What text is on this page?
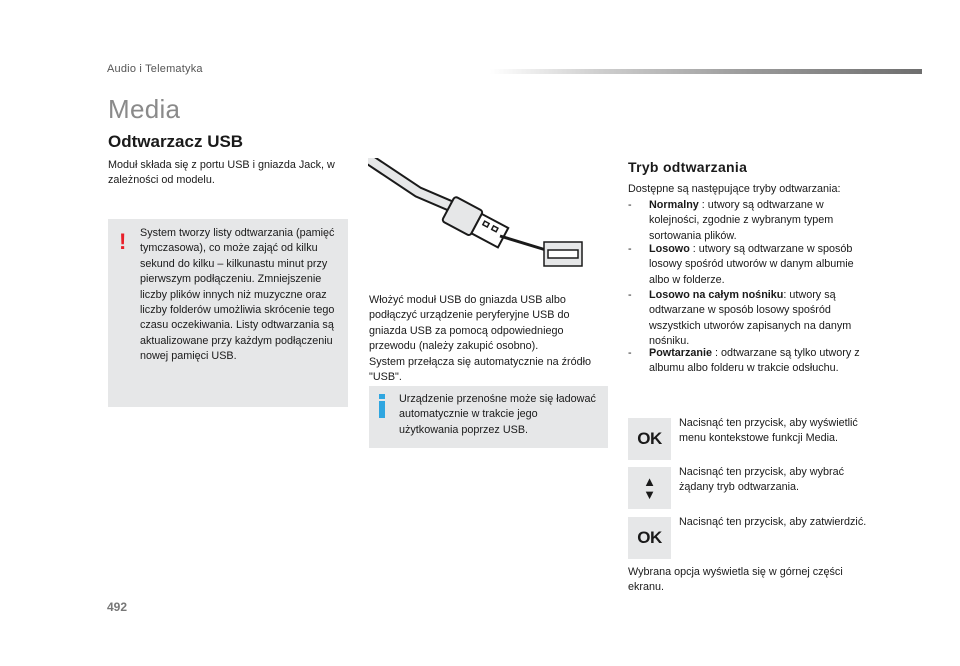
Audio i Telematyka
Media
Odtwarzacz USB
Moduł składa się z portu USB i gniazda Jack, w zależności od modelu.
! System tworzy listy odtwarzania (pamięć tymczasowa), co może zająć od kilku sekund do kilku – kilkunastu minut przy pierwszym podłączeniu. Zmniejszenie liczby plików innych niż muzyczne oraz liczby folderów umożliwia skrócenie tego czasu oczekiwania. Listy odtwarzania są aktualizowane przy każdym podłączeniu nowej pamięci USB.
Włożyć moduł USB do gniazda USB albo podłączyć urządzenie peryferyjne USB do gniazda USB za pomocą odpowiedniego przewodu (należy zakupić osobno).
System przełącza się automatycznie na źródło "USB".
Urządzenie przenośne może się ładować automatycznie w trakcie jego użytkowania poprzez USB.
Tryb odtwarzania
Dostępne są następujące tryby odtwarzania:
- Normalny : utwory są odtwarzane w kolejności, zgodnie z wybranym typem sortowania plików.
- Losowo : utwory są odtwarzane w sposób losowy spośród utworów w danym albumie albo w folderze.
- Losowo na całym nośniku: utwory są odtwarzane w sposób losowy spośród wszystkich utworów zapisanych na danym nośniku.
- Powtarzanie : odtwarzane są tylko utwory z albumu albo folderu w trakcie odsłuchu.
OK
Nacisnąć ten przycisk, aby wyświetlić menu kontekstowe funkcji Media.
▲
▼
Nacisnąć ten przycisk, aby wybrać żądany tryb odtwarzania.
OK
Nacisnąć ten przycisk, aby zatwierdzić.
Wybrana opcja wyświetla się w górnej części ekranu.
492
